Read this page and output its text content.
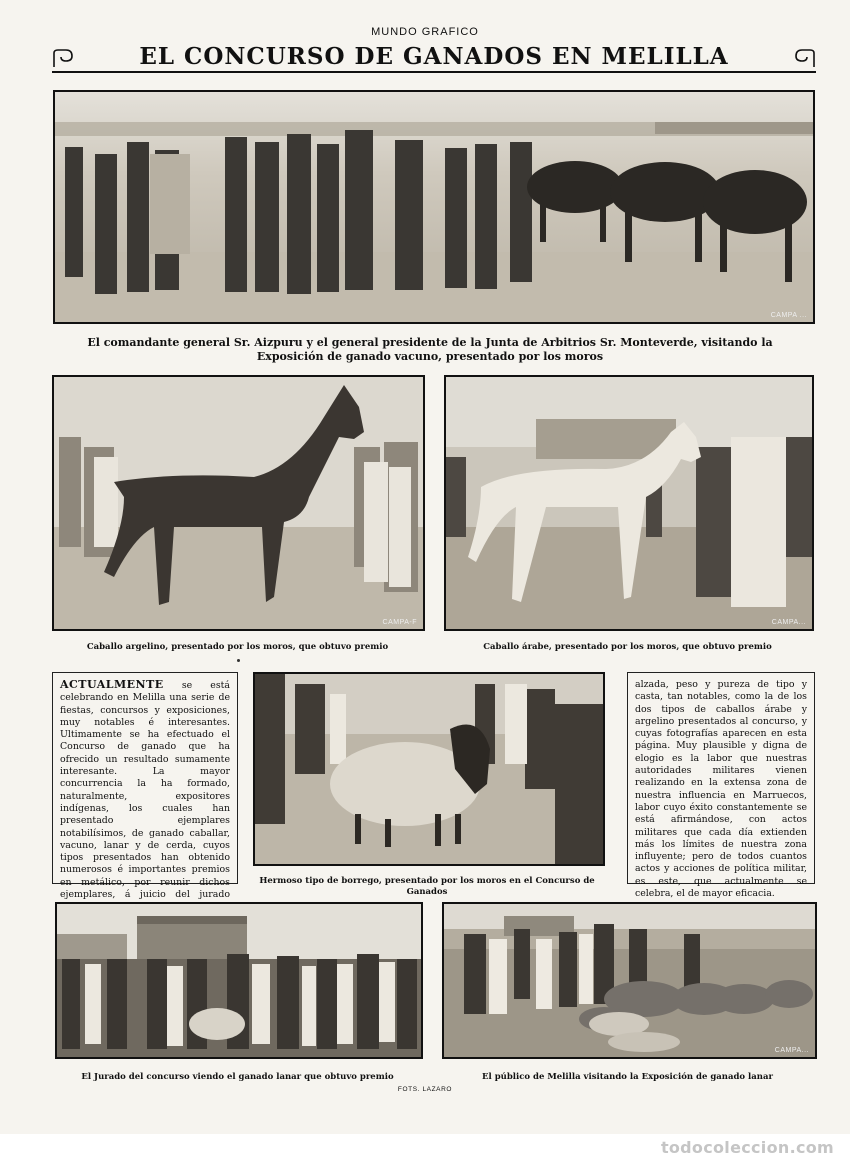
MUNDO GRAFICO
EL CONCURSO DE GANADOS EN MELILLA
CAMPA ...
El comandante general Sr. Aizpuru y el general presidente de la Junta de Arbitrios Sr. Monteverde, visitando la Exposición de ganado vacuno, presentado por los moros
CAMPA-F
Caballo argelino, presentado por los moros, que obtuvo premio
CAMPA...
Caballo árabe, presentado por los moros, que obtuvo premio

ACTUALMENTE se está celebrando en Melilla una serie de fiestas, concursos y exposiciones, muy notables é interesantes. Ultimamente se ha efectuado el Concurso de ganado que ha ofrecido un resultado sumamente interesante. La mayor concurrencia la ha formado, naturalmente, expositores indígenas, los cuales han presentado ejemplares notabilísimos, de ganado caballar, vacuno, lanar y de cerda, cuyos tipos presentados han obtenido numerosos é importantes premios en metálico, por reunir dichos ejemplares, á juicio del jurado

Hermoso tipo de borrego, presentado por los moros en el Concurso de Ganados

alzada, peso y pureza de tipo y casta, tan notables, como la de los dos tipos de caballos árabe y argelino presentados al concurso, y cuyas fotografías aparecen en esta página. Muy plausible y digna de elogio es la labor que nuestras autoridades militares vienen realizando en la extensa zona de nuestra influencia en Marruecos, labor cuyo éxito constantemente se está afirmándose, con actos militares que cada día extienden más los límites de nuestra zona influyente; pero de todos cuantos actos y acciones de política militar, es este, que actualmente se celebra, el de mayor eficacia.

El Jurado del concurso viendo el ganado lanar que obtuvo premio
CAMPA...
El público de Melilla visitando la Exposición de ganado lanar
FOTS. LAZARO
todocoleccion.com
